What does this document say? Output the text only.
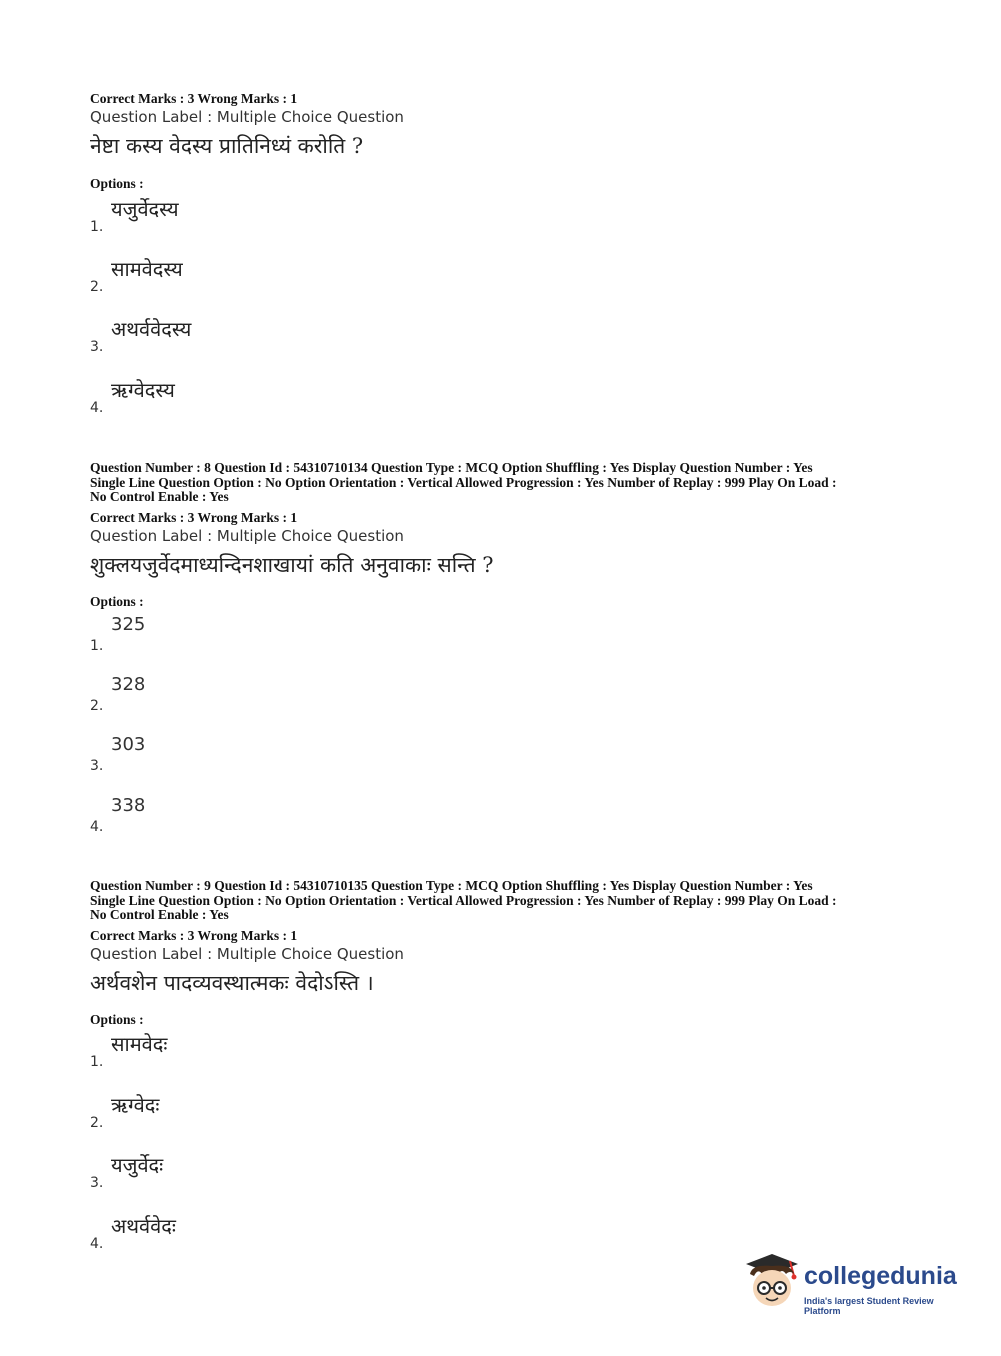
Correct Marks : 3 Wrong Marks : 1

Question Label : Multiple Choice Question

नेष्टा कस्य वेदस्य प्रातिनिध्यं करोति ?

Options :

1.
यजुर्वेदस्य
2.
सामवेदस्य
3.
अथर्ववेदस्य
4.
ऋग्वेदस्य

Question Number : 8 Question Id : 54310710134 Question Type : MCQ Option Shuffling : Yes Display Question Number : Yes

Single Line Question Option : No Option Orientation : Vertical Allowed Progression : Yes Number of Replay : 999 Play On Load :

No Control Enable : Yes

Correct Marks : 3 Wrong Marks : 1

Question Label : Multiple Choice Question

शुक्लयजुर्वेदमाध्यन्दिनशाखायां कति अनुवाकाः सन्ति ?

Options :

1.
325
2.
328
3.
303
4.
338

Question Number : 9 Question Id : 54310710135 Question Type : MCQ Option Shuffling : Yes Display Question Number : Yes

Single Line Question Option : No Option Orientation : Vertical Allowed Progression : Yes Number of Replay : 999 Play On Load :

No Control Enable : Yes

Correct Marks : 3 Wrong Marks : 1

Question Label : Multiple Choice Question

अर्थवशेन पादव्यवस्थात्मकः वेदोऽस्ति ।

Options :

1.
सामवेदः
2.
ऋग्वेदः
3.
यजुर्वेदः
4.
अथर्ववेदः
collegedunia
India's largest Student Review Platform
